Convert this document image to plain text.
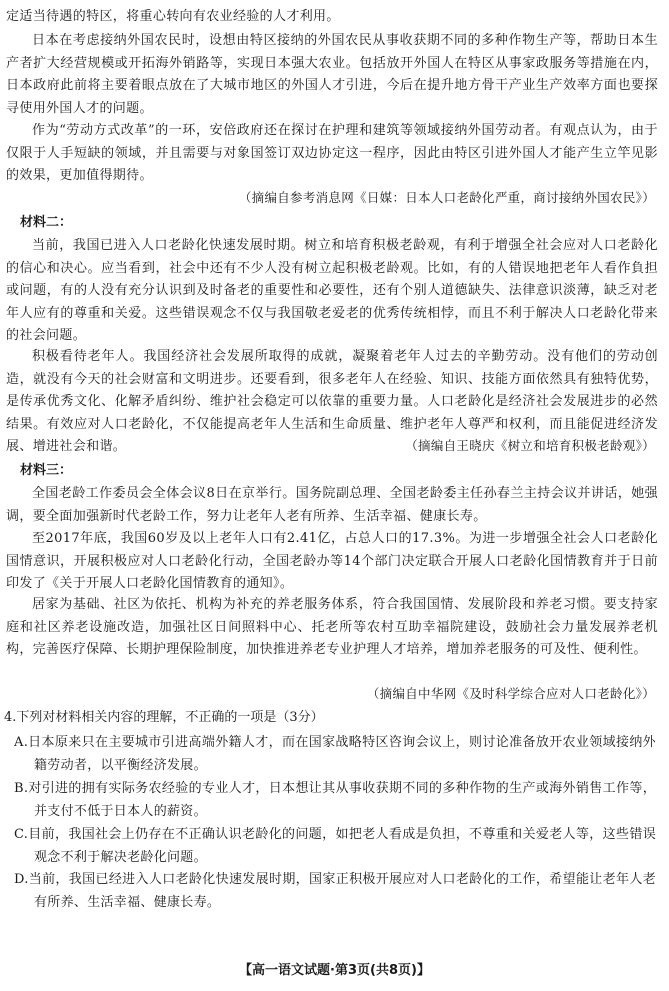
定适当待遇的特区，将重心转向有农业经验的人才利用。

日本在考虑接纳外国农民时，设想由特区接纳的外国农民从事收获期不同的多种作物生产等，帮助日本生产者扩大经营规模或开拓海外销路等，实现日本强大农业。包括放开外国人在特区从事家政服务等措施在内，日本政府此前将主要着眼点放在了大城市地区的外国人才引进，今后在提升地方骨干产业生产效率方面也要探寻使用外国人才的问题。

作为“劳动方式改革”的一环，安倍政府还在探讨在护理和建筑等领域接纳外国劳动者。有观点认为，由于仅限于人手短缺的领域，并且需要与对象国签订双边协定这一程序，因此由特区引进外国人才能产生立竿见影的效果，更加值得期待。

（摘编自参考消息网《日媒：日本人口老龄化严重，商讨接纳外国农民》）

材料二：

当前，我国已进入人口老龄化快速发展时期。树立和培育积极老龄观，有利于增强全社会应对人口老龄化的信心和决心。应当看到，社会中还有不少人没有树立起积极老龄观。比如，有的人错误地把老年人看作負担或问题，有的人没有充分认识到及时备老的重要性和必要性，还有个别人道德缺失、法律意识淡薄，缺乏对老年人应有的尊重和关爱。这些错误观念不仅与我国敬老爱老的优秀传统相悖，而且不利于解决人口老龄化带来的社会问题。

积极看待老年人。我国经济社会发展所取得的成就，凝聚着老年人过去的辛勤劳动。没有他们的劳动创造，就没有今天的社会财富和文明进步。还要看到，很多老年人在经验、知识、技能方面依然具有独特优势，是传承优秀文化、化解矛盾纠纷、维护社会稳定可以依靠的重要力量。人口老龄化是经济社会发展进步的必然结果。有效应对人口老龄化，不仅能提高老年人生活和生命质量、维护老年人尊严和权利，而且能促进经济发展、增进社会和谐。	（摘编自王晓庆《树立和培育积极老龄观》）

材料三：

全国老龄工作委员会全体会议8日在京举行。国务院副总理、全国老龄委主任孙春兰主持会议并讲话，她强调，要全面加强新时代老龄工作，努力让老年人老有所养、生活幸福、健康长寿。

至2017年底，我国60岁及以上老年人口有2.41亿，占总人口的17.3%。为进一步增强全社会人口老龄化国情意识，开展积极应对人口老龄化行动，全国老龄办等14个部门决定联合开展人口老龄化国情教育并于日前印发了《关于开展人口老龄化国情教育的通知》。

居家为基础、社区为依托、机构为补充的养老服务体系，符合我国国情、发展阶段和养老习惯。要支持家庭和社区养老设施改造，加强社区日间照料中心、托老所等农村互助幸福院建设，鼓励社会力量发展养老机构，完善医疗保障、长期护理保险制度，加快推进养老专业护理人才培养，增加养老服务的可及性、便利性。

（摘编自中华网《及时科学综合应对人口老龄化》）

4.下列对材料相关内容的理解，不正确的一项是（3分）

A.日本原来只在主要城市引进高端外籍人才，而在国家战略特区咨询会议上，则讨论准备放开农业领域接纳外籍劳动者，以平衡经济发展。

B.对引进的拥有实际务农经验的专业人才，日本想让其从事收获期不同的多种作物的生产或海外销售工作等，并支付不低于日本人的薪资。

C.目前，我国社会上仍存在不正确认识老龄化的问题，如把老人看成是负担，不尊重和关爱老人等，这些错误观念不利于解决老龄化问题。

D.当前，我国已经进入人口老龄化快速发展时期，国家正积极开展应对人口老龄化的工作，希望能让老年人老有所养、生活幸福、健康长寿。

【高一语文试题·第3页(共8页)】
